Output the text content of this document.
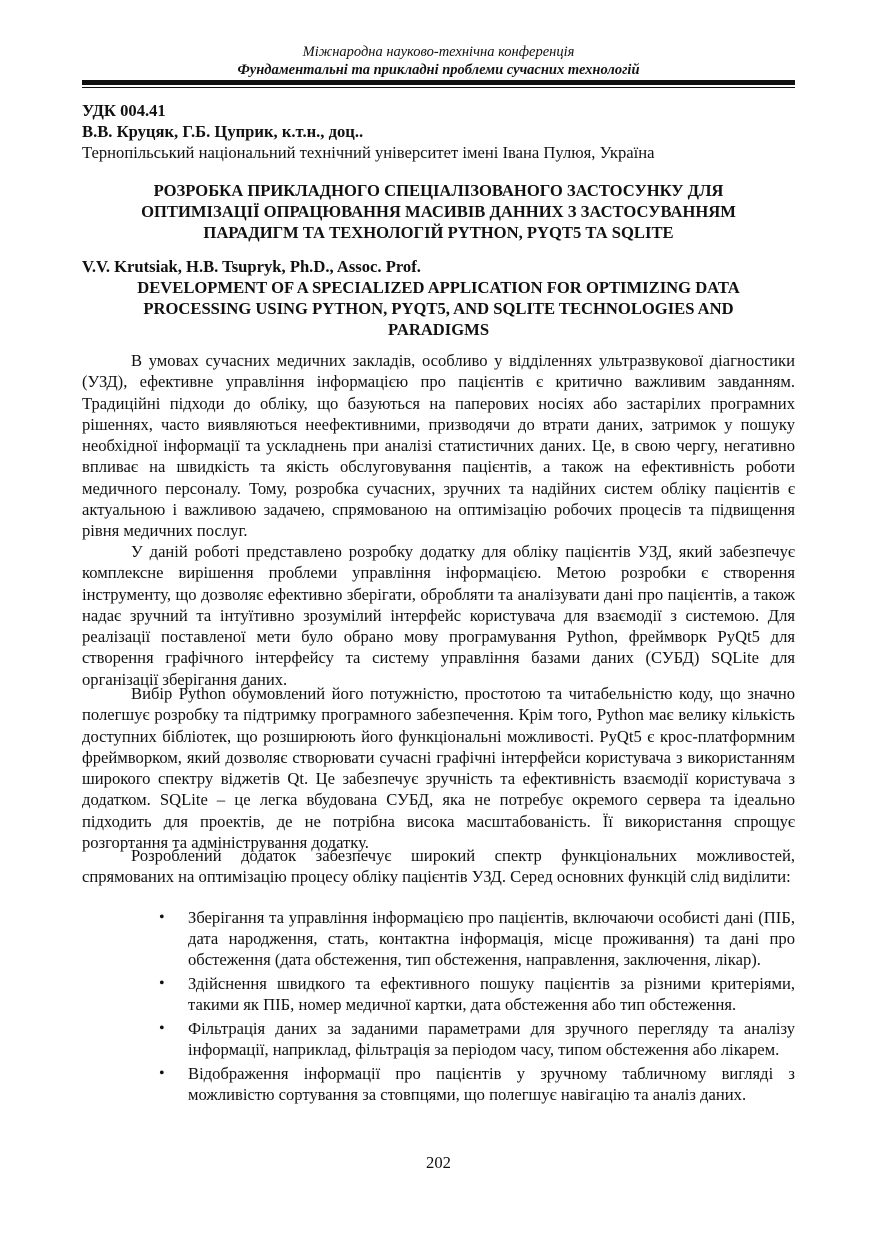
Міжнародна науково-технічна конференція
Фундаментальні та прикладні проблеми сучасних технологій
УДК 004.41
В.В. Круцяк, Г.Б. Цуприк, к.т.н., доц..
Тернопільський національний технічний університет імені Івана Пулюя, Україна
РОЗРОБКА ПРИКЛАДНОГО СПЕЦІАЛІЗОВАНОГО ЗАСТОСУНКУ ДЛЯ ОПТИМІЗАЦІЇ ОПРАЦЮВАННЯ МАСИВІВ ДАННИХ З ЗАСТОСУВАННЯМ ПАРАДИГМ ТА ТЕХНОЛОГІЙ PYTHON, PYQT5 ТА SQLITE
V.V. Krutsiak, H.B. Tsupryk, Ph.D., Assoc. Prof.
DEVELOPMENT OF A SPECIALIZED APPLICATION FOR OPTIMIZING DATA PROCESSING USING PYTHON, PYQT5, AND SQLITE TECHNOLOGIES AND PARADIGMS
В умовах сучасних медичних закладів, особливо у відділеннях ультразвукової діагностики (УЗД), ефективне управління інформацією про пацієнтів є критично важливим завданням. Традиційні підходи до обліку, що базуються на паперових носіях або застарілих програмних рішеннях, часто виявляються неефективними, призводячи до втрати даних, затримок у пошуку необхідної інформації та ускладнень при аналізі статистичних даних. Це, в свою чергу, негативно впливає на швидкість та якість обслуговування пацієнтів, а також на ефективність роботи медичного персоналу. Тому, розробка сучасних, зручних та надійних систем обліку пацієнтів є актуальною і важливою задачею, спрямованою на оптимізацію робочих процесів та підвищення рівня медичних послуг.
У даній роботі представлено розробку додатку для обліку пацієнтів УЗД, який забезпечує комплексне вирішення проблеми управління інформацією. Метою розробки є створення інструменту, що дозволяє ефективно зберігати, обробляти та аналізувати дані про пацієнтів, а також надає зручний та інтуїтивно зрозумілий інтерфейс користувача для взаємодії з системою. Для реалізації поставленої мети було обрано мову програмування Python, фреймворк PyQt5 для створення графічного інтерфейсу та систему управління базами даних (СУБД) SQLite для організації зберігання даних.
Вибір Python обумовлений його потужністю, простотою та читабельністю коду, що значно полегшує розробку та підтримку програмного забезпечення. Крім того, Python має велику кількість доступних бібліотек, що розширюють його функціональні можливості. PyQt5 є крос-платформним фреймворком, який дозволяє створювати сучасні графічні інтерфейси користувача з використанням широкого спектру віджетів Qt. Це забезпечує зручність та ефективність взаємодії користувача з додатком. SQLite – це легка вбудована СУБД, яка не потребує окремого сервера та ідеально підходить для проектів, де не потрібна висока масштабованість. Її використання спрощує розгортання та адміністрування додатку.
Розроблений додаток забезпечує широкий спектр функціональних можливостей, спрямованих на оптимізацію процесу обліку пацієнтів УЗД. Серед основних функцій слід виділити:
• Зберігання та управління інформацією про пацієнтів, включаючи особисті дані (ПІБ, дата народження, стать, контактна інформація, місце проживання) та дані про обстеження (дата обстеження, тип обстеження, направлення, заключення, лікар).
• Здійснення швидкого та ефективного пошуку пацієнтів за різними критеріями, такими як ПІБ, номер медичної картки, дата обстеження або тип обстеження.
• Фільтрація даних за заданими параметрами для зручного перегляду та аналізу інформації, наприклад, фільтрація за періодом часу, типом обстеження або лікарем.
• Відображення інформації про пацієнтів у зручному табличному вигляді з можливістю сортування за стовпцями, що полегшує навігацію та аналіз даних.
202
